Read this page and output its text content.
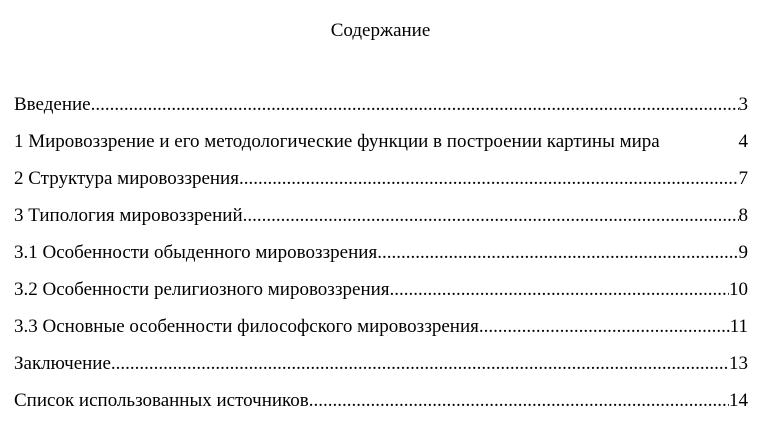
Содержание
Введение .....	3
1 Мировоззрение и его методологические функции в построении картины мира	4
2 Структура мировоззрения .....	7
3 Типология мировоззрений .....	8
3.1 Особенности обыденного мировоззрения .....	9
3.2 Особенности религиозного мировоззрения .....	10
3.3 Основные особенности философского мировоззрения .....	11
Заключение .....	13
Список использованных источников .....	14
